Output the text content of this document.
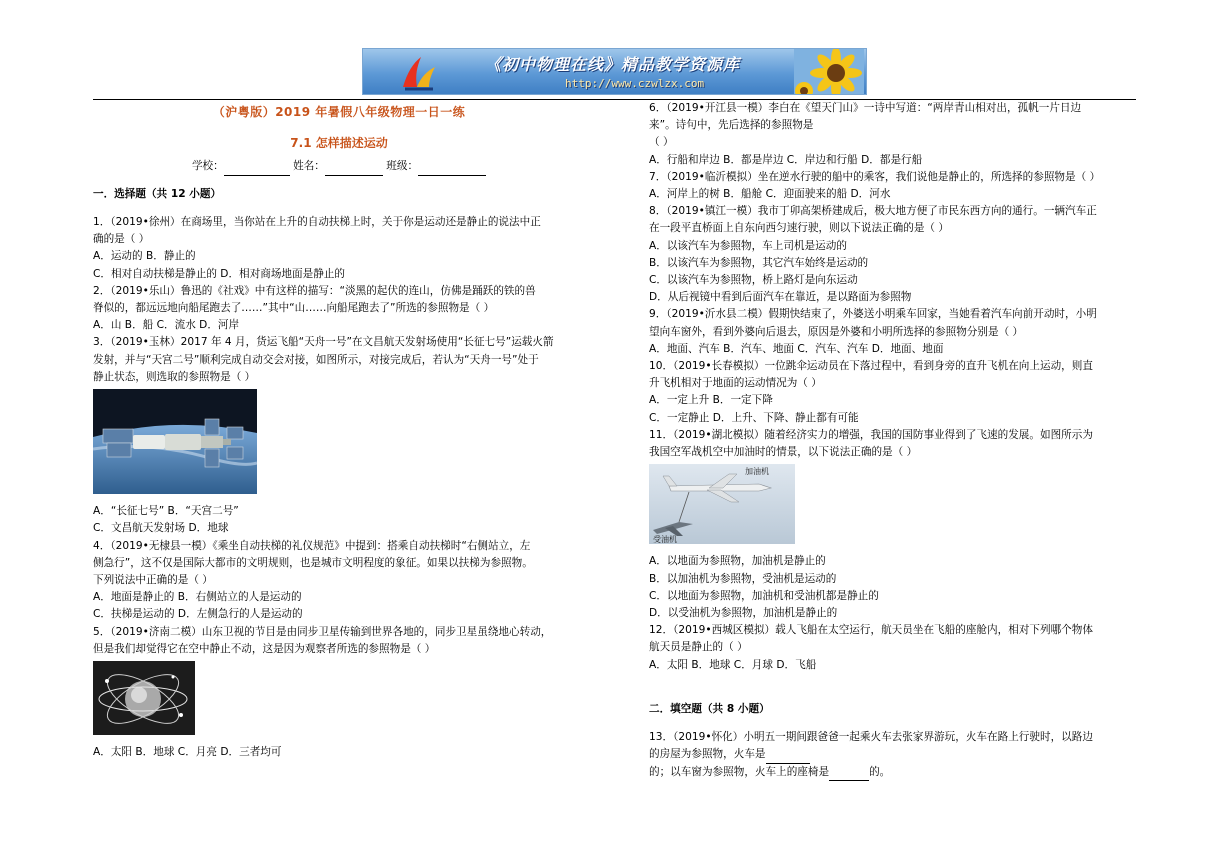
《初中物理在线》精品教学资源库
http://www.czwlzx.com
（沪粤版）2019 年暑假八年级物理一日一练
7.1 怎样描述运动
学校：	姓名：	班级：

一．选择题（共 12 小题）

1．（2019•徐州）在商场里，当你站在上升的自动扶梯上时，关于你是运动还是静止的说法中正

确的是（ ）

A．运动的 B．静止的

C．相对自动扶梯是静止的 D．相对商场地面是静止的

2．（2019•乐山）鲁迅的《社戏》中有这样的描写：“淡黑的起伏的连山，仿佛是踊跃的铁的兽

脊似的，都远远地向船尾跑去了……”其中“山……向船尾跑去了”所选的参照物是（ ）

A．山 B．船 C．流水 D．河岸

3．（2019•玉林）2017 年 4 月，货运飞船“天舟一号”在文昌航天发射场使用“长征七号”运载火箭

发射，并与“天宫二号”顺利完成自动交会对接，如图所示，对接完成后，若认为“天舟一号”处于

静止状态，则选取的参照物是（ ）

A．“长征七号” B．“天宫二号”

C．文昌航天发射场 D．地球

4．（2019•无棣县一模）《乘坐自动扶梯的礼仪规范》中提到：搭乘自动扶梯时“右侧站立，左

侧急行”，这不仅是国际大都市的文明规则，也是城市文明程度的象征。如果以扶梯为参照物。

下列说法中正确的是（ ）

A．地面是静止的 B．右侧站立的人是运动的

C．扶梯是运动的 D．左侧急行的人是运动的

5．（2019•济南二模）山东卫视的节目是由同步卫星传输到世界各地的，同步卫星虽绕地心转动，

但是我们却觉得它在空中静止不动，这是因为观察者所选的参照物是（ ）

A．太阳 B．地球 C．月亮 D．三者均可

6．（2019•开江县一模）李白在《望天门山》一诗中写道：“两岸青山相对出，孤帆一片日边

来”。诗句中，先后选择的参照物是

（ ）

A．行船和岸边 B．都是岸边 C．岸边和行船 D．都是行船

7．（2019•临沂模拟）坐在逆水行驶的船中的乘客，我们说他是静止的，所选择的参照物是（ ）

A．河岸上的树 B．船舱 C．迎面驶来的船 D．河水

8．（2019•镇江一模）我市丁卯高架桥建成后，极大地方便了市民东西方向的通行。一辆汽车正

在一段平直桥面上自东向西匀速行驶，则以下说法正确的是（ ）

A．以该汽车为参照物，车上司机是运动的

B．以该汽车为参照物，其它汽车始终是运动的

C．以该汽车为参照物，桥上路灯是向东运动

D．从后视镜中看到后面汽车在靠近，是以路面为参照物

9．（2019•沂水县二模）假期快结束了，外婆送小明乘车回家，当她看着汽车向前开动时，小明

望向车窗外，看到外婆向后退去，原因是外婆和小明所选择的参照物分别是（ ）

A．地面、汽车 B．汽车、地面 C．汽车、汽车 D．地面、地面

10．（2019•长春模拟）一位跳伞运动员在下落过程中，看到身旁的直升飞机在向上运动，则直

升飞机相对于地面的运动情况为（ ）

A．一定上升 B．一定下降

C．一定静止 D．上升、下降、静止都有可能

11．（2019•湖北模拟）随着经济实力的增强，我国的国防事业得到了飞速的发展。如图所示为

我国空军战机空中加油时的情景，以下说法正确的是（ ）

加油机
受油机

A．以地面为参照物，加油机是静止的

B．以加油机为参照物，受油机是运动的

C．以地面为参照物，加油机和受油机都是静止的

D．以受油机为参照物，加油机是静止的

12．（2019•西城区模拟）载人飞船在太空运行，航天员坐在飞船的座舱内，相对下列哪个物体

航天员是静止的（ ）

A．太阳 B．地球 C．月球 D．飞船

二．填空题（共 8 小题）

13．（2019•怀化）小明五一期间跟爸爸一起乘火车去张家界游玩，火车在路上行驶时，以路边

的房屋为参照物，火车是

的；以车窗为参照物，火车上的座椅是	的。
